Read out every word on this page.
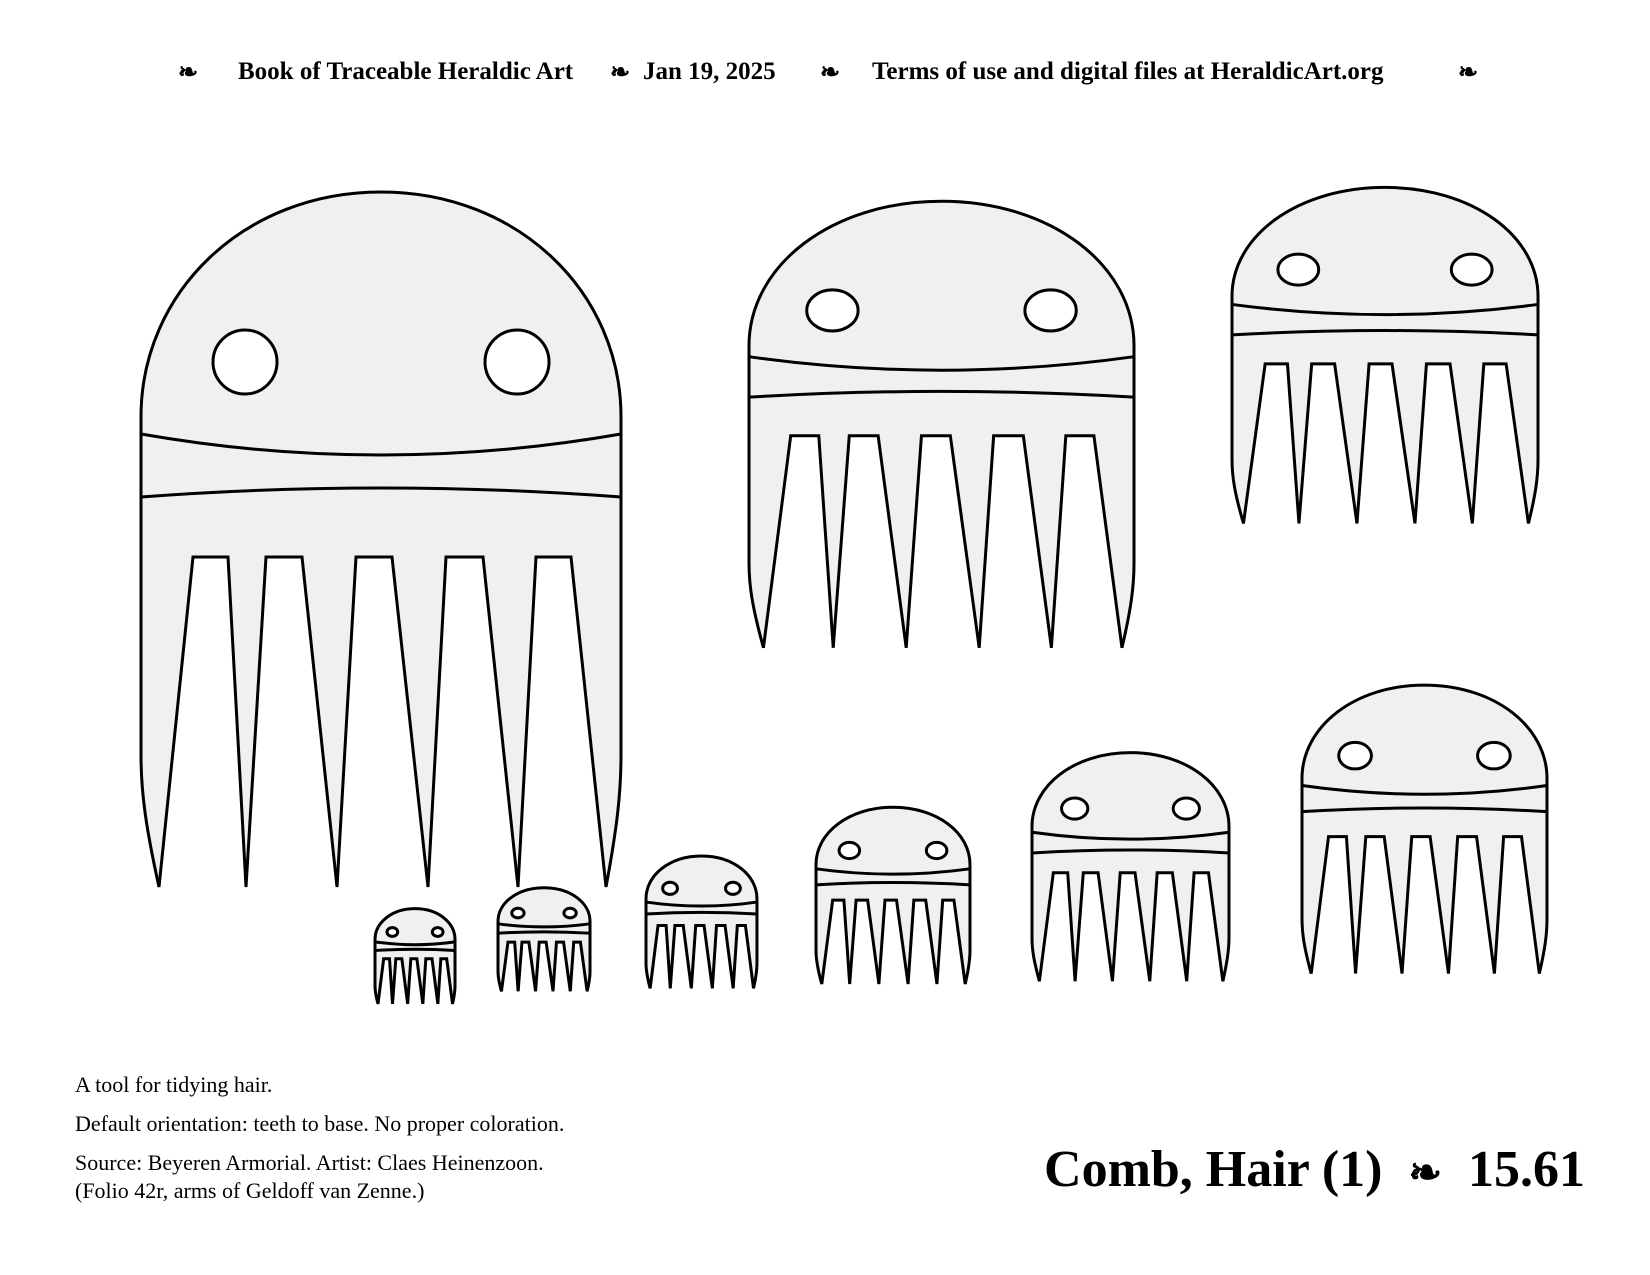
❧ Book of Traceable Heraldic Art ❧ Jan 19, 2025 ❧ Terms of use and digital files at HeraldicArt.org	❧
A tool for tidying hair.
Default orientation: teeth to base. No proper coloration.
Source: Beyeren Armorial. Artist: Claes Heinenzoon.
(Folio 42r, arms of Geldoff van Zenne.)	Comb, Hair (1) ❧ 15.61
